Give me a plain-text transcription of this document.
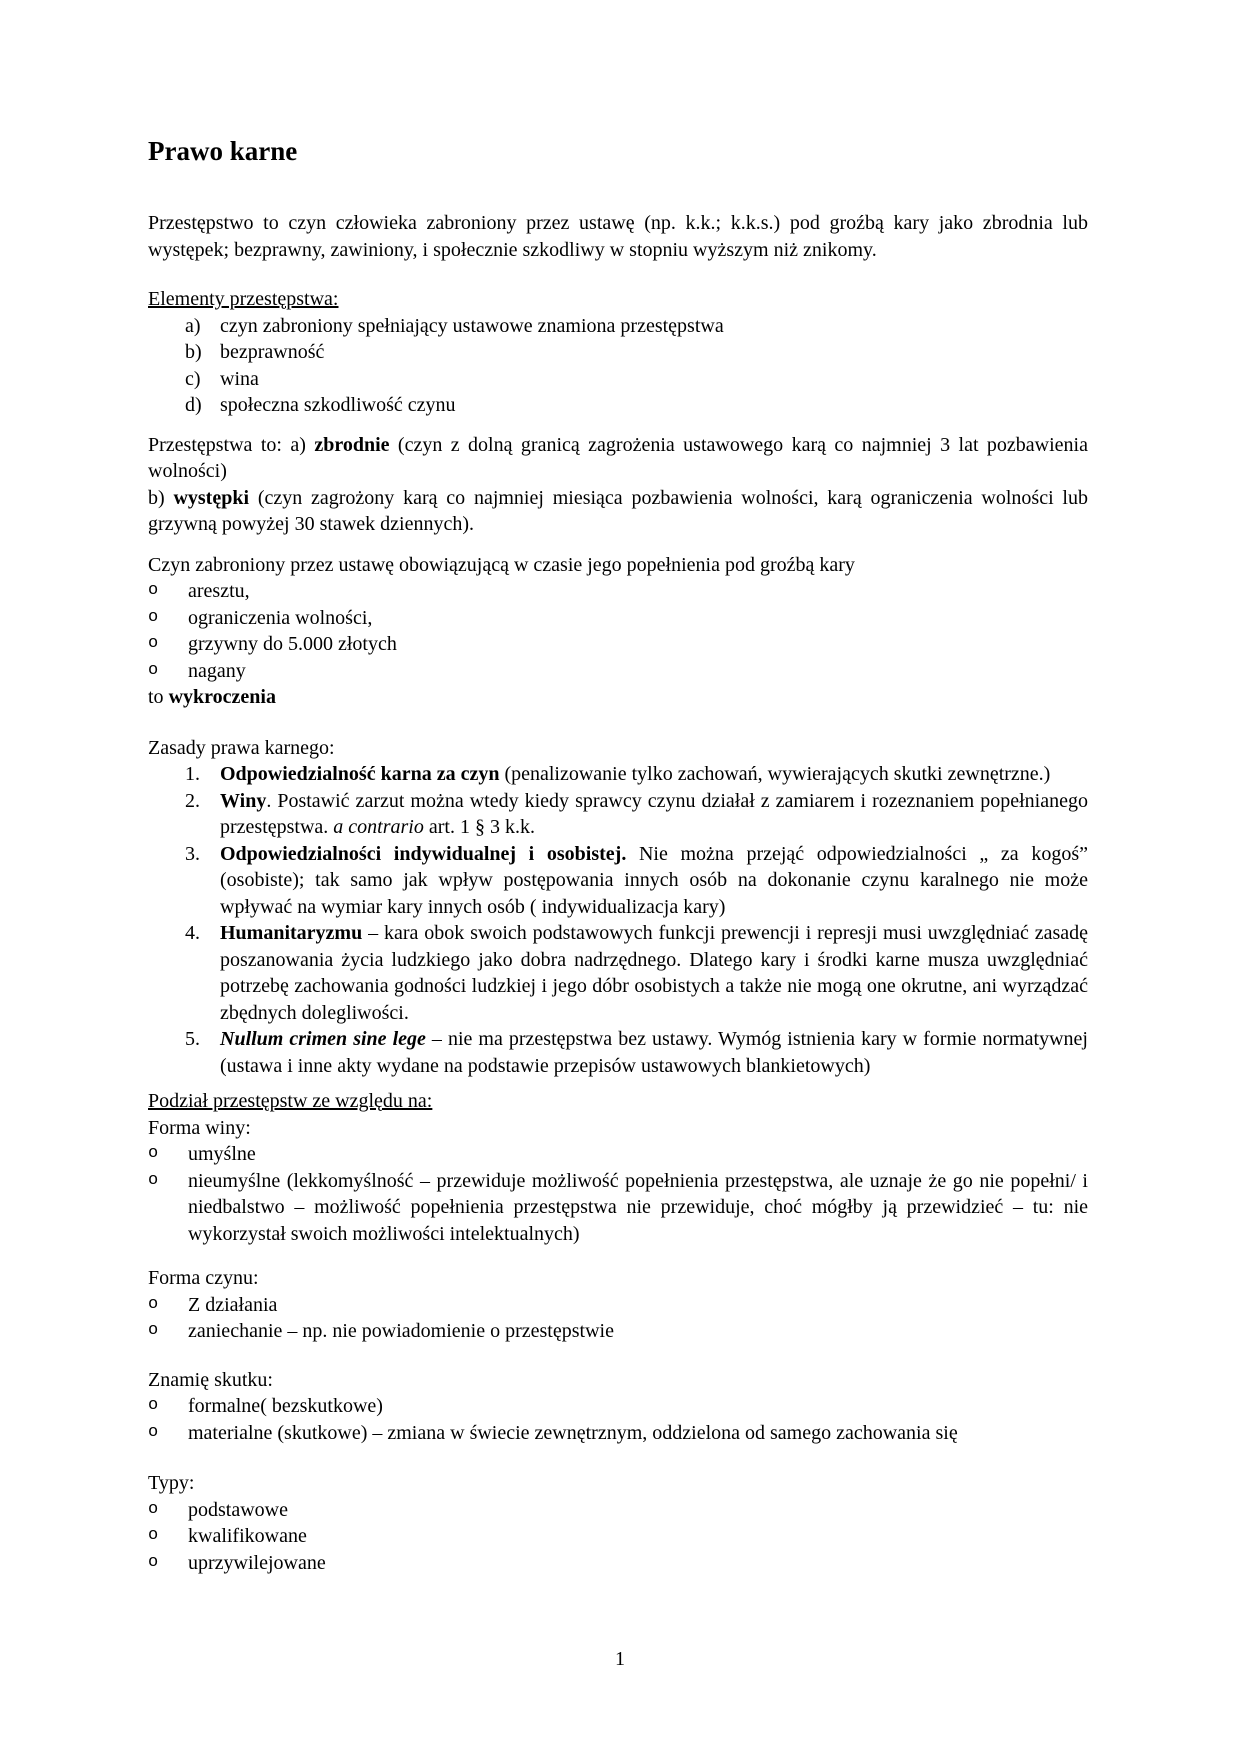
Prawo karne

Przestępstwo to czyn człowieka zabroniony przez ustawę (np. k.k.; k.k.s.) pod groźbą kary jako zbrodnia lub występek; bezprawny, zawiniony, i społecznie szkodliwy w stopniu wyższym niż znikomy.

Elementy przestępstwa:
a) czyn zabroniony spełniający ustawowe znamiona przestępstwa
b) bezprawność
c) wina
d) społeczna szkodliwość czynu
Przestępstwa to: a) zbrodnie (czyn z dolną granicą zagrożenia ustawowego karą co najmniej 3 lat pozbawienia wolności)
b) występki (czyn zagrożony karą co najmniej miesiąca pozbawienia wolności, karą ograniczenia wolności lub grzywną powyżej 30 stawek dziennych).
Czyn zabroniony przez ustawę obowiązującą w czasie jego popełnienia pod groźbą kary
o	aresztu,
o	ograniczenia wolności,
o	grzywny do 5.000 złotych
o	nagany
to wykroczenia
Zasady prawa karnego:
1.	Odpowiedzialność karna za czyn (penalizowanie tylko zachowań, wywierających skutki zewnętrzne.)
2.	Winy. Postawić zarzut można wtedy kiedy sprawcy czynu działał z zamiarem i rozeznaniem popełnianego przestępstwa. a contrario art. 1 § 3 k.k.
3.	Odpowiedzialności indywidualnej i osobistej. Nie można przejąć odpowiedzialności „ za kogoś” (osobiste); tak samo jak wpływ postępowania innych osób na dokonanie czynu karalnego nie może wpływać na wymiar kary innych osób ( indywidualizacja kary)
4.	Humanitaryzmu – kara obok swoich podstawowych funkcji prewencji i represji musi uwzględniać zasadę poszanowania życia ludzkiego jako dobra nadrzędnego. Dlatego kary i środki karne musza uwzględniać potrzebę zachowania godności ludzkiej i jego dóbr osobistych a także nie mogą one okrutne, ani wyrządzać zbędnych dolegliwości.
5.	Nullum crimen sine lege – nie ma przestępstwa bez ustawy. Wymóg istnienia kary w formie normatywnej (ustawa i inne akty wydane na podstawie przepisów ustawowych blankietowych)
Podział przestępstw ze względu na:
Forma winy:
o	umyślne
o	nieumyślne (lekkomyślność – przewiduje możliwość popełnienia przestępstwa, ale uznaje że go nie popełni/ i niedbalstwo – możliwość popełnienia przestępstwa nie przewiduje, choć mógłby ją przewidzieć – tu: nie wykorzystał swoich możliwości intelektualnych)
Forma czynu:
o	Z działania
o	zaniechanie – np. nie powiadomienie o przestępstwie
Znamię skutku:
o	formalne( bezskutkowe)
o	materialne (skutkowe) – zmiana w świecie zewnętrznym, oddzielona od samego zachowania się
Typy:
o	podstawowe
o	kwalifikowane
o	uprzywilejowane
1
